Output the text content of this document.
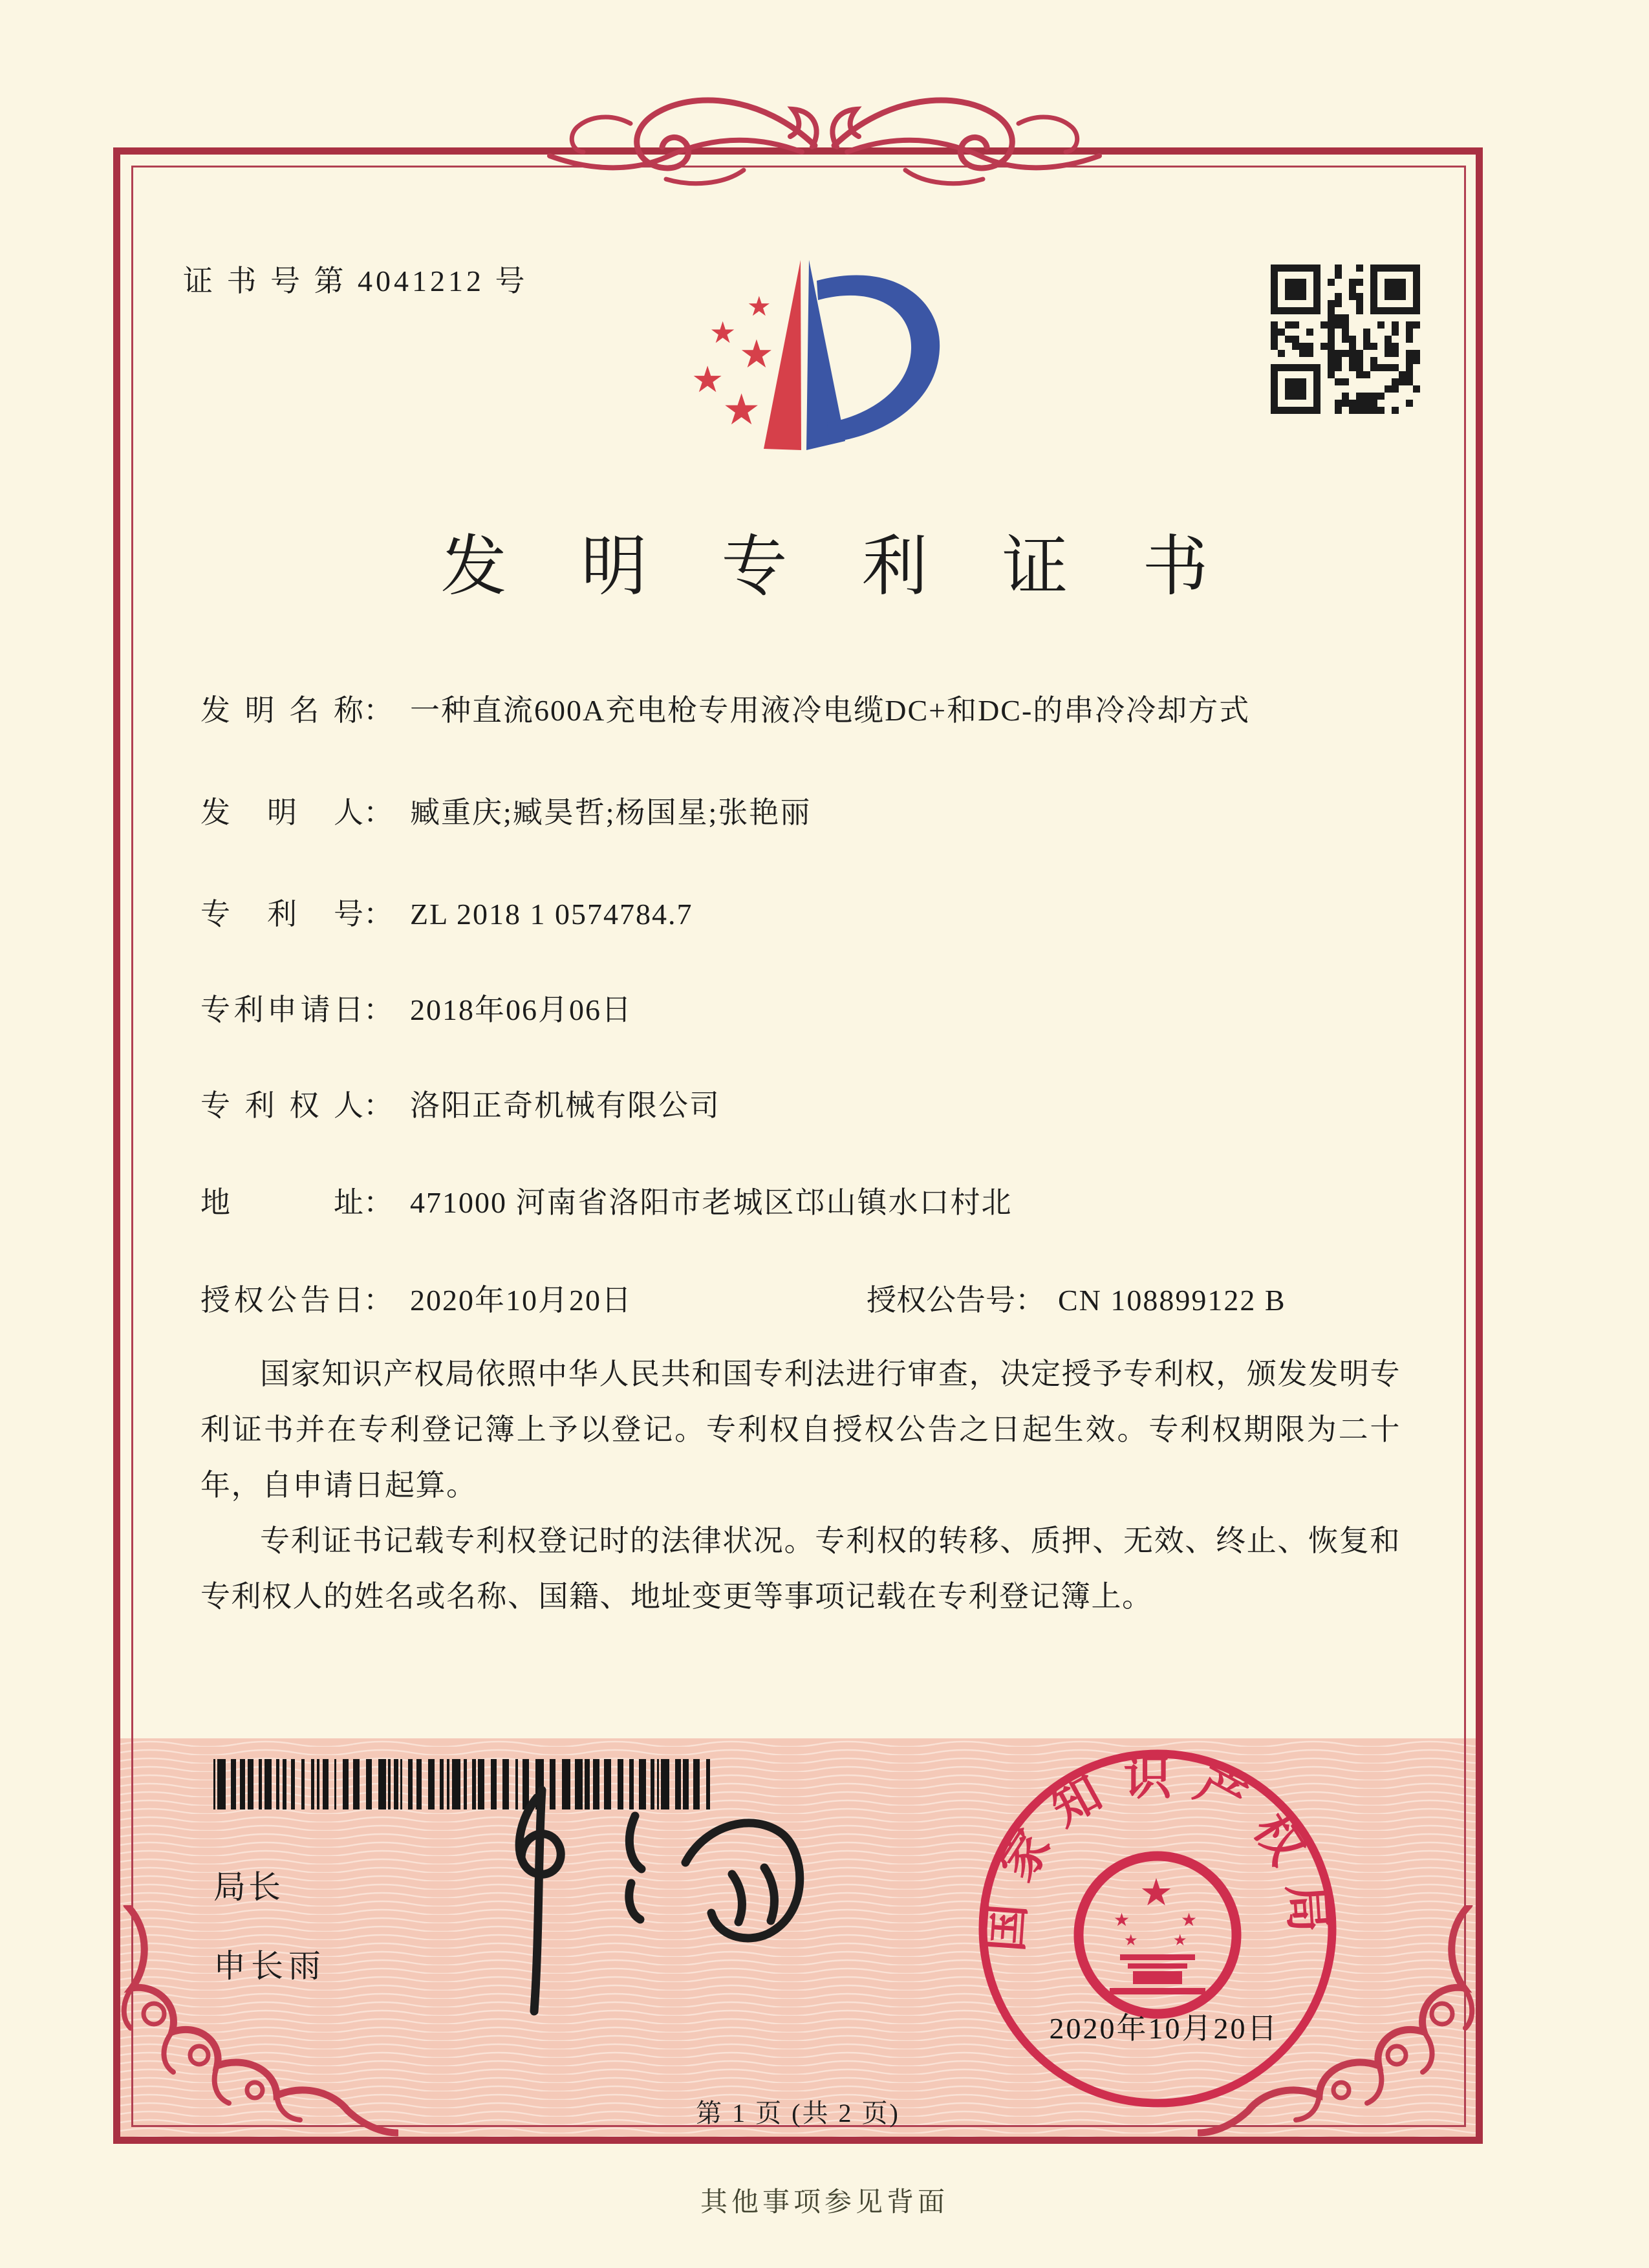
证 书 号 第 4041212 号
★
★ ★
★
★
发明专利证书
发明名称： 一种直流600A充电枪专用液冷电缆DC+和DC-的串冷冷却方式
发明人： 臧重庆;臧昊哲;杨国星;张艳丽
专利号： ZL 2018 1 0574784.7
专利申请日： 2018年06月06日
专利权人： 洛阳正奇机械有限公司
地址： 471000 河南省洛阳市老城区邙山镇水口村北
授权公告日： 2020年10月20日	授权公告号： CN 108899122 B

国家知识产权局依照中华人民共和国专利法进行审查，决定授予专利权，颁发发明专利证书并在专利登记簿上予以登记。专利权自授权公告之日起生效。专利权期限为二十年，自申请日起算。

专利证书记载专利权登记时的法律状况。专利权的转移、质押、无效、终止、恢复和专利权人的姓名或名称、国籍、地址变更等事项记载在专利登记簿上。

局长
申长雨
国家知识产权局
★
★	★
★ ★
2020年10月20日
第 1 页 (共 2 页)
其他事项参见背面
